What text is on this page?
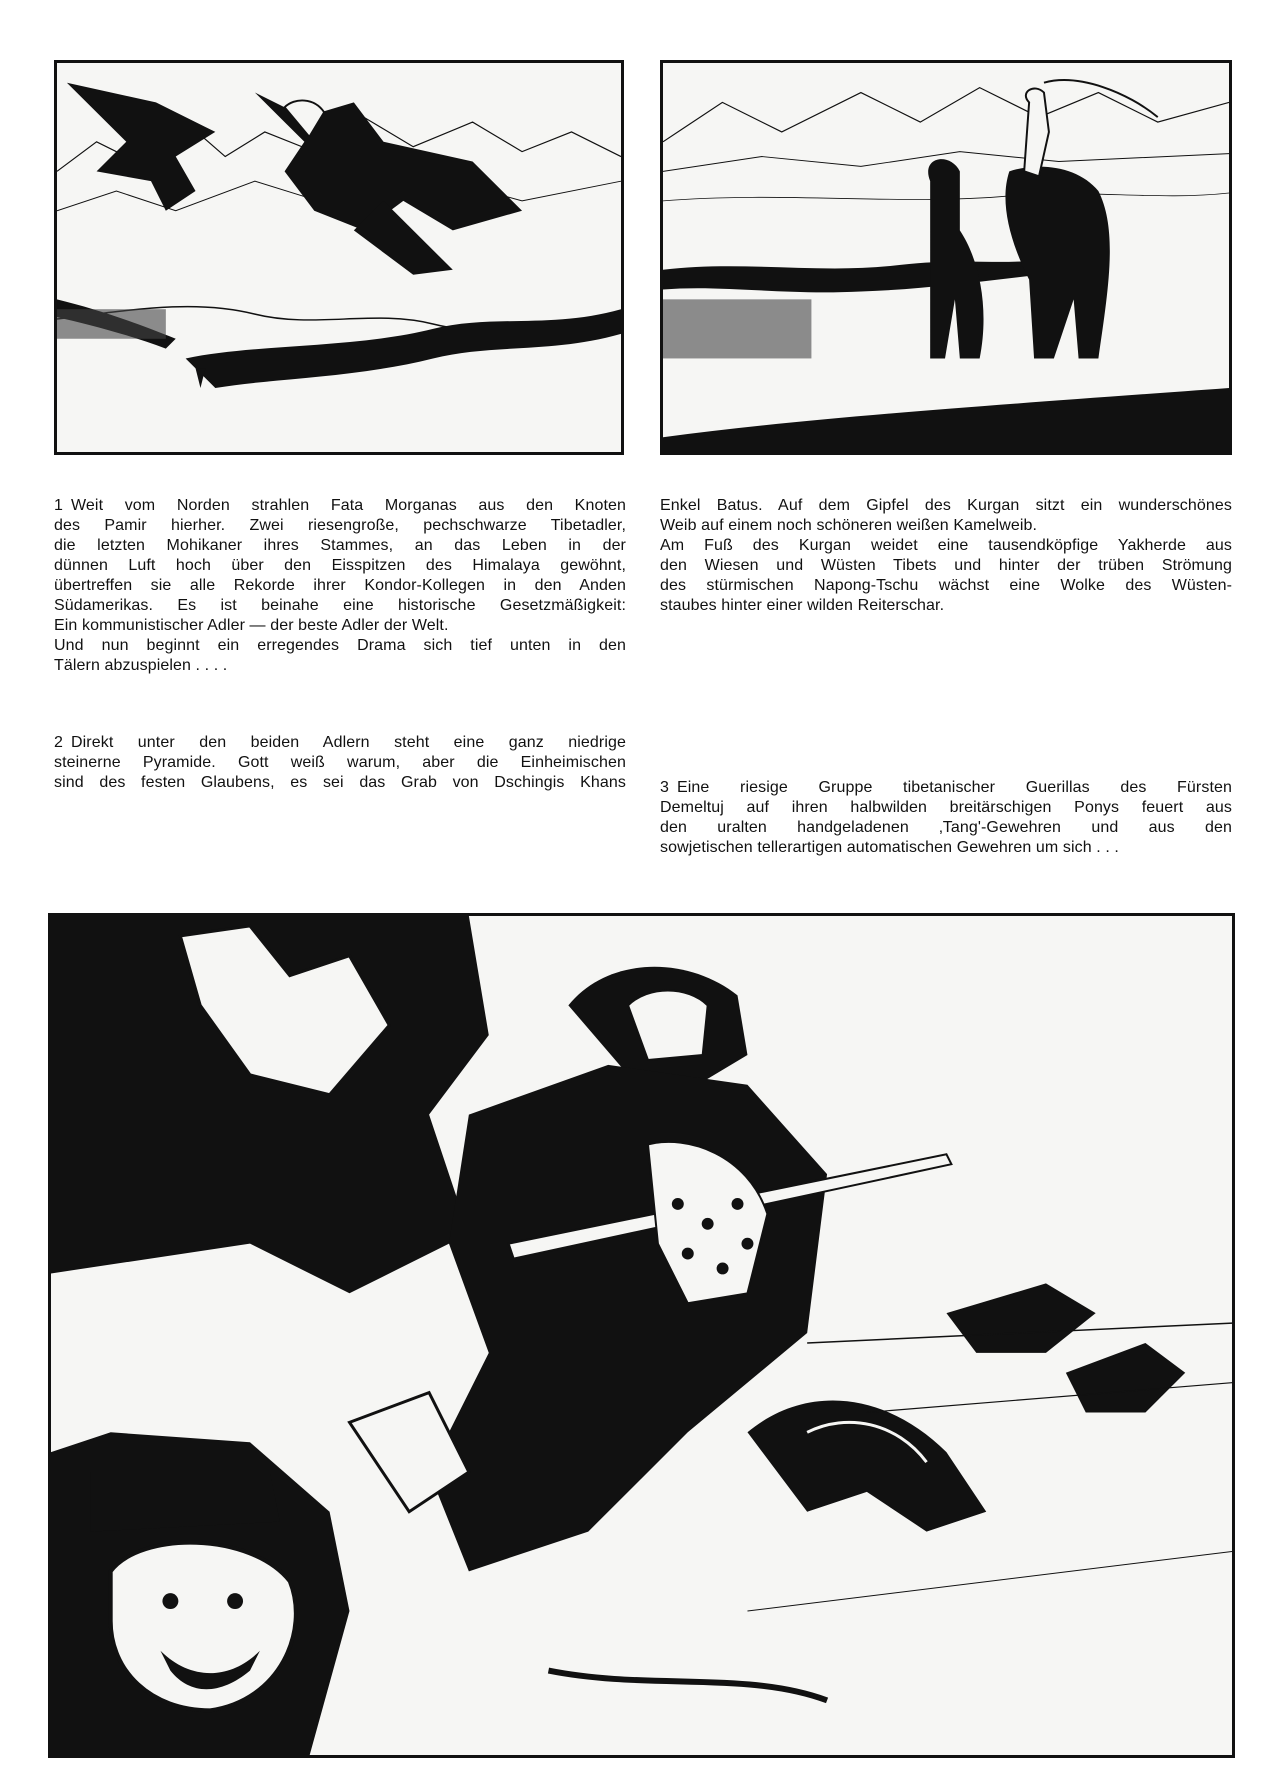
1 Weit vom Norden strahlen Fata Morganas aus den Knoten
des Pamir hierher. Zwei riesengroße, pechschwarze Tibetadler,
die letzten Mohikaner ihres Stammes, an das Leben in der
dünnen Luft hoch über den Eisspitzen des Himalaya gewöhnt,
übertreffen sie alle Rekorde ihrer Kondor-Kollegen in den Anden
Südamerikas. Es ist beinahe eine historische Gesetzmäßigkeit:
Ein kommunistischer Adler — der beste Adler der Welt.
Und nun beginnt ein erregendes Drama sich tief unten in den
Tälern abzuspielen . . . .
Enkel Batus. Auf dem Gipfel des Kurgan sitzt ein wunderschönes
Weib auf einem noch schöneren weißen Kamelweib.
Am Fuß des Kurgan weidet eine tausendköpfige Yakherde aus
den Wiesen und Wüsten Tibets und hinter der trüben Strömung
des stürmischen Napong-Tschu wächst eine Wolke des Wüsten-
staubes hinter einer wilden Reiterschar.
2 Direkt unter den beiden Adlern steht eine ganz niedrige
steinerne Pyramide. Gott weiß warum, aber die Einheimischen
sind des festen Glaubens, es sei das Grab von Dschingis Khans 3 Eine riesige Gruppe tibetanischer Guerillas des Fürsten
Demeltuj auf ihren halbwilden breitärschigen Ponys feuert aus
den uralten handgeladenen ‚Tang'-Gewehren und aus den
sowjetischen tellerartigen automatischen Gewehren um sich . . .
